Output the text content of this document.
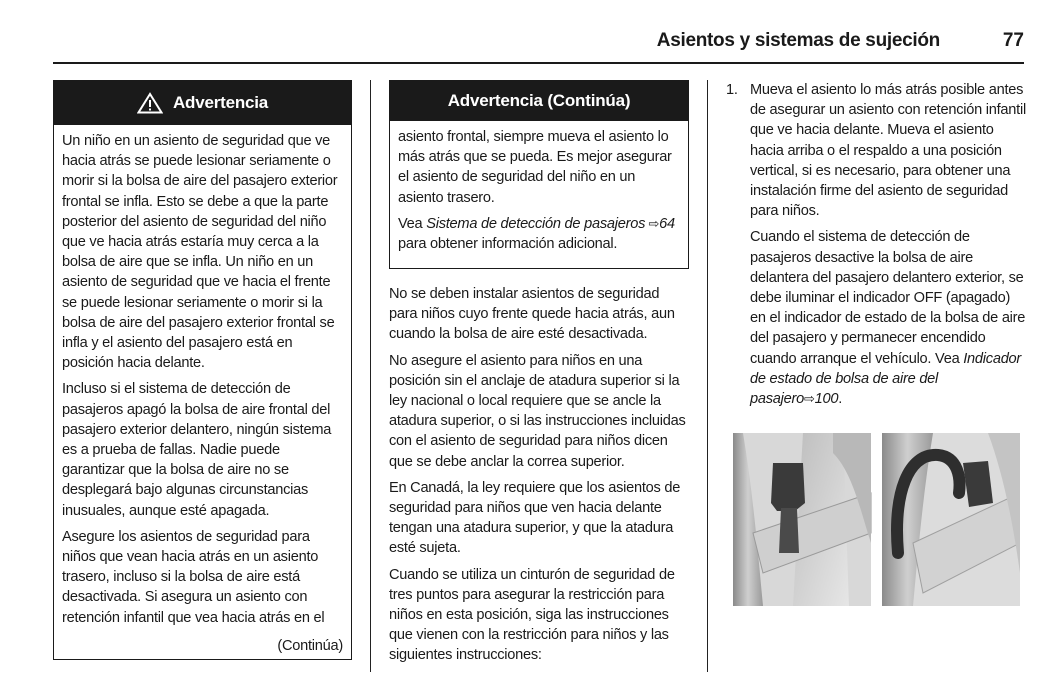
Asientos y sistemas de sujeción	77
Advertencia

Un niño en un asiento de seguridad que ve hacia atrás se puede lesionar seriamente o morir si la bolsa de aire del pasajero exterior frontal se infla. Esto se debe a que la parte posterior del asiento de seguridad del niño que ve hacia atrás estaría muy cerca a la bolsa de aire que se infla. Un niño en un asiento de seguridad que ve hacia el frente se puede lesionar seriamente o morir si la bolsa de aire del pasajero exterior frontal se infla y el asiento del pasajero está en posición hacia delante.

Incluso si el sistema de detección de pasajeros apagó la bolsa de aire frontal del pasajero exterior delantero, ningún sistema es a prueba de fallas. Nadie puede garantizar que la bolsa de aire no se desplegará bajo algunas circunstancias inusuales, aunque esté apagada.

Asegure los asientos de seguridad para niños que vean hacia atrás en un asiento trasero, incluso si la bolsa de aire está desactivada. Si asegura un asiento con retención infantil que vea hacia atrás en el

(Continúa)

Advertencia (Continúa)

asiento frontal, siempre mueva el asiento lo más atrás que se pueda. Es mejor asegurar el asiento de seguridad del niño en un asiento trasero.

Vea Sistema de detección de pasajeros ⇨64
para obtener información adicional.

No se deben instalar asientos de seguridad para niños cuyo frente quede hacia atrás, aun cuando la bolsa de aire esté desactivada.

No asegure el asiento para niños en una posición sin el anclaje de atadura superior si la ley nacional o local requiere que se ancle la atadura superior, o si las instrucciones incluidas con el asiento de seguridad para niños dicen que se debe anclar la correa superior.

En Canadá, la ley requiere que los asientos de seguridad para niños que ven hacia delante tengan una atadura superior, y que la atadura esté sujeta.

Cuando se utiliza un cinturón de seguridad de tres puntos para asegurar la restricción para niños en esta posición, siga las instrucciones que vienen con la restricción para niños y las siguientes instrucciones:

1. Mueva el asiento lo más atrás posible antes de asegurar un asiento con retención infantil que ve hacia delante. Mueva el asiento hacia arriba o el respaldo a una posición vertical, si es necesario, para obtener una instalación firme del asiento de seguridad para niños.

Cuando el sistema de detección de pasajeros desactive la bolsa de aire delantera del pasajero delantero exterior, se debe iluminar el indicador OFF (apagado) en el indicador de estado de la bolsa de aire del pasajero y permanecer encendido cuando arranque el vehículo. Vea Indicador de estado de bolsa de aire del pasajero⇨100.
